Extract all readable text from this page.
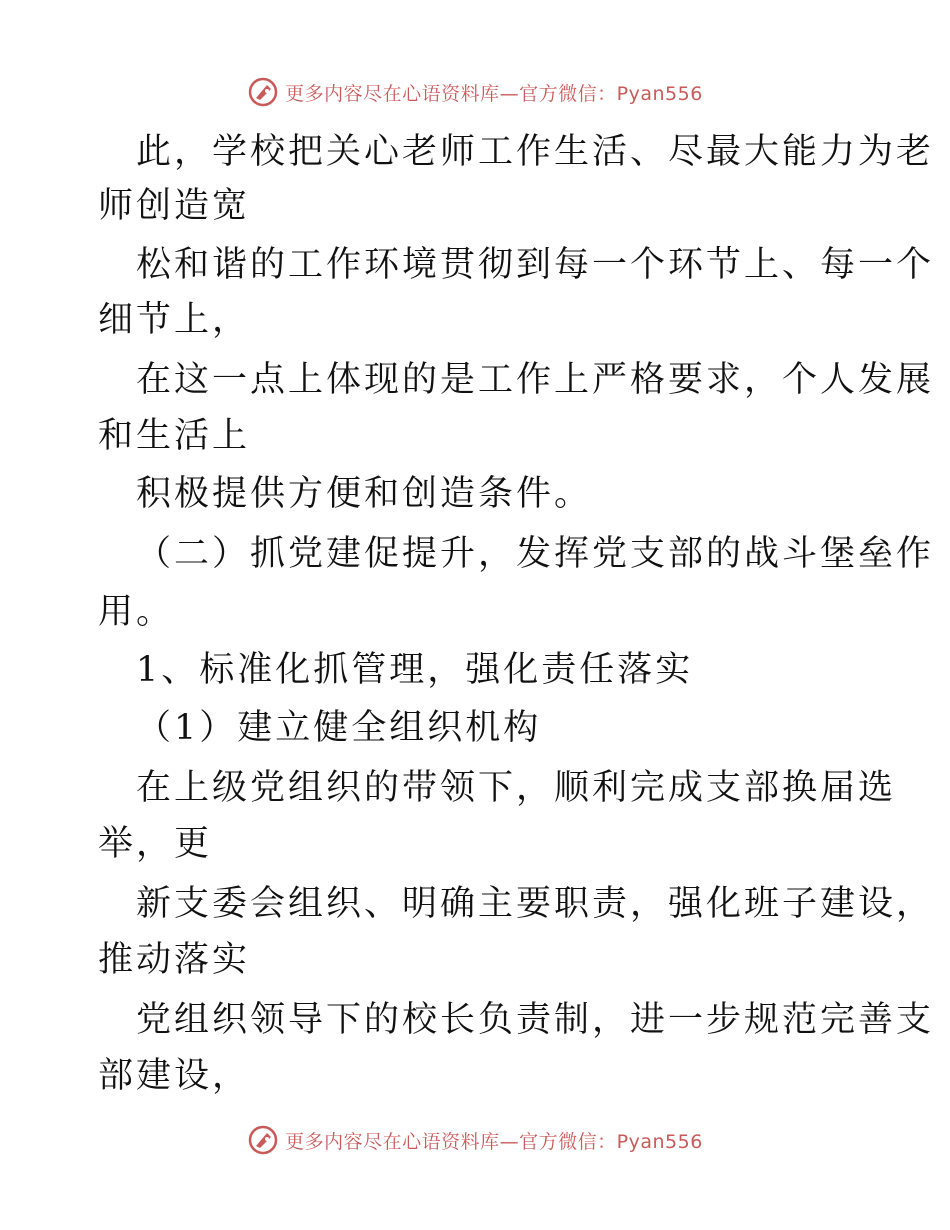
更多内容尽在心语资料库—官方微信：Pyan556
此，学校把关心老师工作生活、尽最大能力为老
师创造宽
松和谐的工作环境贯彻到每一个环节上、每一个
细节上，
在这一点上体现的是工作上严格要求，个人发展
和生活上
积极提供方便和创造条件。
（二）抓党建促提升，发挥党支部的战斗堡垒作
用。
1、标准化抓管理，强化责任落实
（1）建立健全组织机构
在上级党组织的带领下，顺利完成支部换届选
举，更
新支委会组织、明确主要职责，强化班子建设，
推动落实
党组织领导下的校长负责制，进一步规范完善支
部建设，
更多内容尽在心语资料库—官方微信：Pyan556
